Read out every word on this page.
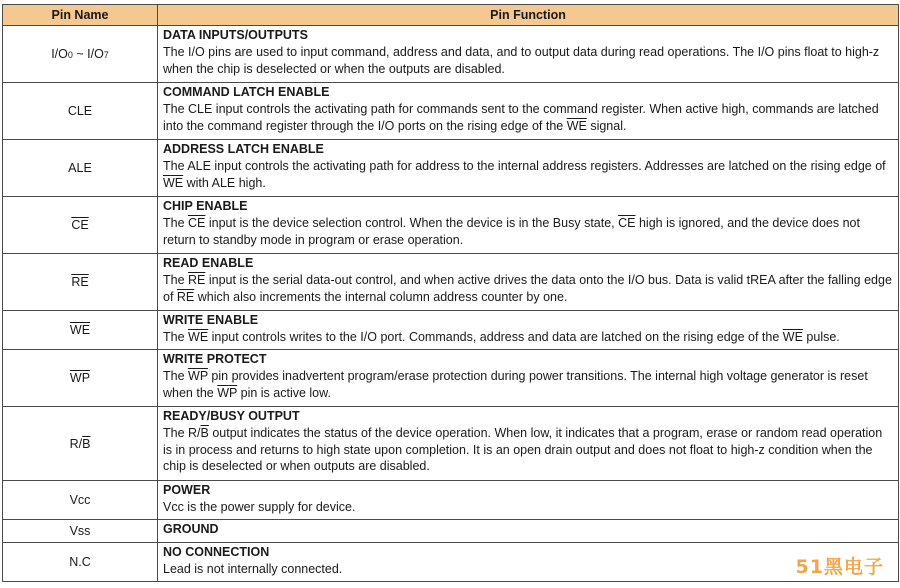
Pin Name	Pin Function
I/O0 ~ I/O7	DATA INPUTS/OUTPUTS
The I/O pins are used to input command, address and data, and to output data during read operations. The I/O pins float to high-z when the chip is deselected or when the outputs are disabled.

CLE	COMMAND LATCH ENABLE
The CLE input controls the activating path for commands sent to the command register. When active high, commands are latched into the command register through the I/O ports on the rising edge of the $\overline{WE}$ signal.

ALE	ADDRESS LATCH ENABLE
The ALE input controls the activating path for address to the internal address registers. Addresses are latched on the rising edge of $\overline{WE}$ with ALE high.

$\overline{CE}$	CHIP ENABLE
The $\overline{CE}$ input is the device selection control. When the device is in the Busy state, $\overline{CE}$ high is ignored, and the device does not return to standby mode in program or erase operation.

$\overline{RE}$	READ ENABLE
The $\overline{RE}$ input is the serial data-out control, and when active drives the data onto the I/O bus. Data is valid tREA after the falling edge of $\overline{RE}$ which also increments the internal column address counter by one.

$\overline{WE}$	WRITE ENABLE
The $\overline{WE}$ input controls writes to the I/O port. Commands, address and data are latched on the rising edge of the $\overline{WE}$ pulse.

$\overline{WP}$	WRITE PROTECT
The $\overline{WP}$ pin provides inadvertent program/erase protection during power transitions. The internal high voltage generator is reset when the $\overline{WP}$ pin is active low.

$R/\overline{B}$	READY/BUSY OUTPUT
The $R/\overline{B}$ output indicates the status of the device operation. When low, it indicates that a program, erase or random read operation is in process and returns to high state upon completion. It is an open drain output and does not float to high-z condition when the chip is deselected or when outputs are disabled.

Vcc	POWER
Vcc is the power supply for device.

Vss	GROUND

N.C	NO CONNECTION
Lead is not internally connected.	51黑电子
